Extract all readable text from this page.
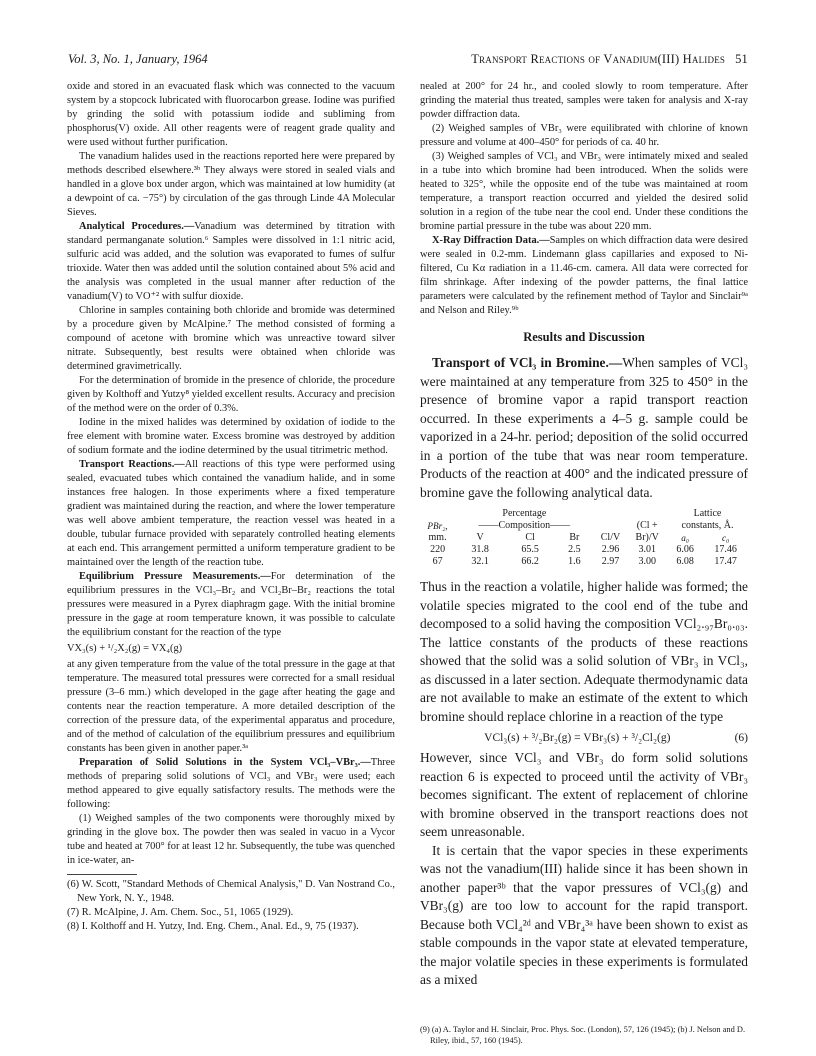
Vol. 3, No. 1, January, 1964	Transport Reactions of Vanadium(III) Halides 51

oxide and stored in an evacuated flask which was connected to the vacuum system by a stopcock lubricated with fluorocarbon grease. Iodine was purified by grinding the solid with potassium iodide and subliming from phosphorus(V) oxide. All other reagents were of reagent grade quality and were used without further purification.

The vanadium halides used in the reactions reported here were prepared by methods described elsewhere.³ᵇ They always were stored in sealed vials and handled in a glove box under argon, which was maintained at low humidity (at a dewpoint of ca. −75°) by circulation of the gas through Linde 4A Molecular Sieves.

Analytical Procedures.—Vanadium was determined by titration with standard permanganate solution.⁶ Samples were dissolved in 1:1 nitric acid, sulfuric acid was added, and the solution was evaporated to fumes of sulfur trioxide. Water then was added until the solution contained about 5% acid and the analysis was completed in the usual manner after reduction of the vanadium(V) to VO⁺² with sulfur dioxide.

Chlorine in samples containing both chloride and bromide was determined by a procedure given by McAlpine.⁷ The method consisted of forming a compound of acetone with bromine which was unreactive toward silver nitrate. Subsequently, best results were obtained when chloride was determined gravimetrically.

For the determination of bromide in the presence of chloride, the procedure given by Kolthoff and Yutzy⁸ yielded excellent results. Accuracy and precision of the method were on the order of 0.3%.

Iodine in the mixed halides was determined by oxidation of iodide to the free element with bromine water. Excess bromine was destroyed by addition of sodium formate and the iodine determined by the usual titrimetric method.

Transport Reactions.—All reactions of this type were performed using sealed, evacuated tubes which contained the vanadium halide, and in some instances free halogen. In those experiments where a fixed temperature gradient was maintained during the reaction, and where the lower temperature was well above ambient temperature, the reaction vessel was heated in a double, tubular furnace provided with separately controlled heating elements at each end. This arrangement permitted a uniform temperature gradient to be maintained over the length of the reaction tube.

Equilibrium Pressure Measurements.—For determination of the equilibrium pressures in the VCl₃–Br₂ and VCl₂Br–Br₂ reactions the total pressures were measured in a Pyrex diaphragm gage. With the initial bromine pressure in the gage at room temperature known, it was possible to calculate the equilibrium constant for the reaction of the type

VX₃(s) + ¹/₂X₂(g) = VX₄(g)

at any given temperature from the value of the total pressure in the gage at that temperature. The measured total pressures were corrected for a small residual pressure (3–6 mm.) which developed in the gage after heating the gage and contents near the reaction temperature. A more detailed description of the correction of the pressure data, of the experimental apparatus and procedure, and of the method of calculation of the equilibrium pressures and equilibrium constants has been given in another paper.³ᵃ

Preparation of Solid Solutions in the System VCl₃–VBr₃.—Three methods of preparing solid solutions of VCl₃ and VBr₃ were used; each method appeared to give equally satisfactory results. The methods were the following:

(1) Weighed samples of the two components were thoroughly mixed by grinding in the glove box. The powder then was sealed in vacuo in a Vycor tube and heated at 700° for at least 12 hr. Subsequently, the tube was quenched in ice-water, an-

(6) W. Scott, "Standard Methods of Chemical Analysis," D. Van Nostrand Co., New York, N. Y., 1948.

(7) R. McAlpine, J. Am. Chem. Soc., 51, 1065 (1929).

(8) I. Kolthoff and H. Yutzy, Ind. Eng. Chem., Anal. Ed., 9, 75 (1937).

nealed at 200° for 24 hr., and cooled slowly to room temperature. After grinding the material thus treated, samples were taken for analysis and X-ray powder diffraction data.

(2) Weighed samples of VBr₃ were equilibrated with chlorine of known pressure and volume at 400–450° for periods of ca. 40 hr.

(3) Weighed samples of VCl₃ and VBr₃ were intimately mixed and sealed in a tube into which bromine had been introduced. When the solids were heated to 325°, while the opposite end of the tube was maintained at room temperature, a transport reaction occurred and yielded the desired solid solution in a region of the tube near the cool end. Under these conditions the bromine partial pressure in the tube was about 220 mm.

X-Ray Diffraction Data.—Samples on which diffraction data were desired were sealed in 0.2-mm. Lindemann glass capillaries and exposed to Ni-filtered, Cu Kα radiation in a 11.46-cm. camera. All data were corrected for film shrinkage. After indexing of the powder patterns, the final lattice parameters were calculated by the refinement method of Taylor and Sinclair⁹ᵃ and Nelson and Riley.⁹ᵇ

Results and Discussion

Transport of VCl₃ in Bromine.—When samples of VCl₃ were maintained at any temperature from 325 to 450° in the presence of bromine vapor a rapid transport reaction occurred. In these experiments a 4–5 g. sample could be vaporized in a 24-hr. period; deposition of the solid occurred in a portion of the tube that was near room temperature. Products of the reaction at 400° and the indicated pressure of bromine gave the following analytical data.

	Percentage					Lattice	
PBr₂,	——Composition——				(Cl +	constants, Å.	
mm.	V	Cl	Br	Cl/V	Br)/V	a₀	c₀
220	31.8	65.5	2.5	2.96	3.01	6.06	17.46
67	32.1	66.2	1.6	2.97	3.00	6.08	17.47

Thus in the reaction a volatile, higher halide was formed; the volatile species migrated to the cool end of the tube and decomposed to a solid having the composition VCl₂.₉₇Br₀.₀₃. The lattice constants of the products of these reactions showed that the solid was a solid solution of VBr₃ in VCl₃, as discussed in a later section. Adequate thermodynamic data are not available to make an estimate of the extent to which bromine should replace chlorine in a reaction of the type

VCl₃(s) + ³/₂Br₂(g) = VBr₃(s) + ³/₂Cl₂(g)	(6)

However, since VCl₃ and VBr₃ do form solid solutions reaction 6 is expected to proceed until the activity of VBr₃ becomes significant. The extent of replacement of chlorine with bromine observed in the transport reactions does not seem unreasonable.

It is certain that the vapor species in these experiments was not the vanadium(III) halide since it has been shown in another paper³ᵇ that the vapor pressures of VCl₃(g) and VBr₃(g) are too low to account for the rapid transport. Because both VCl₄²ᵈ and VBr₄³ᵃ have been shown to exist as stable compounds in the vapor state at elevated temperature, the major volatile species in these experiments is formulated as a mixed

(9) (a) A. Taylor and H. Sinclair, Proc. Phys. Soc. (London), 57, 126 (1945); (b) J. Nelson and D. Riley, ibid., 57, 160 (1945).
